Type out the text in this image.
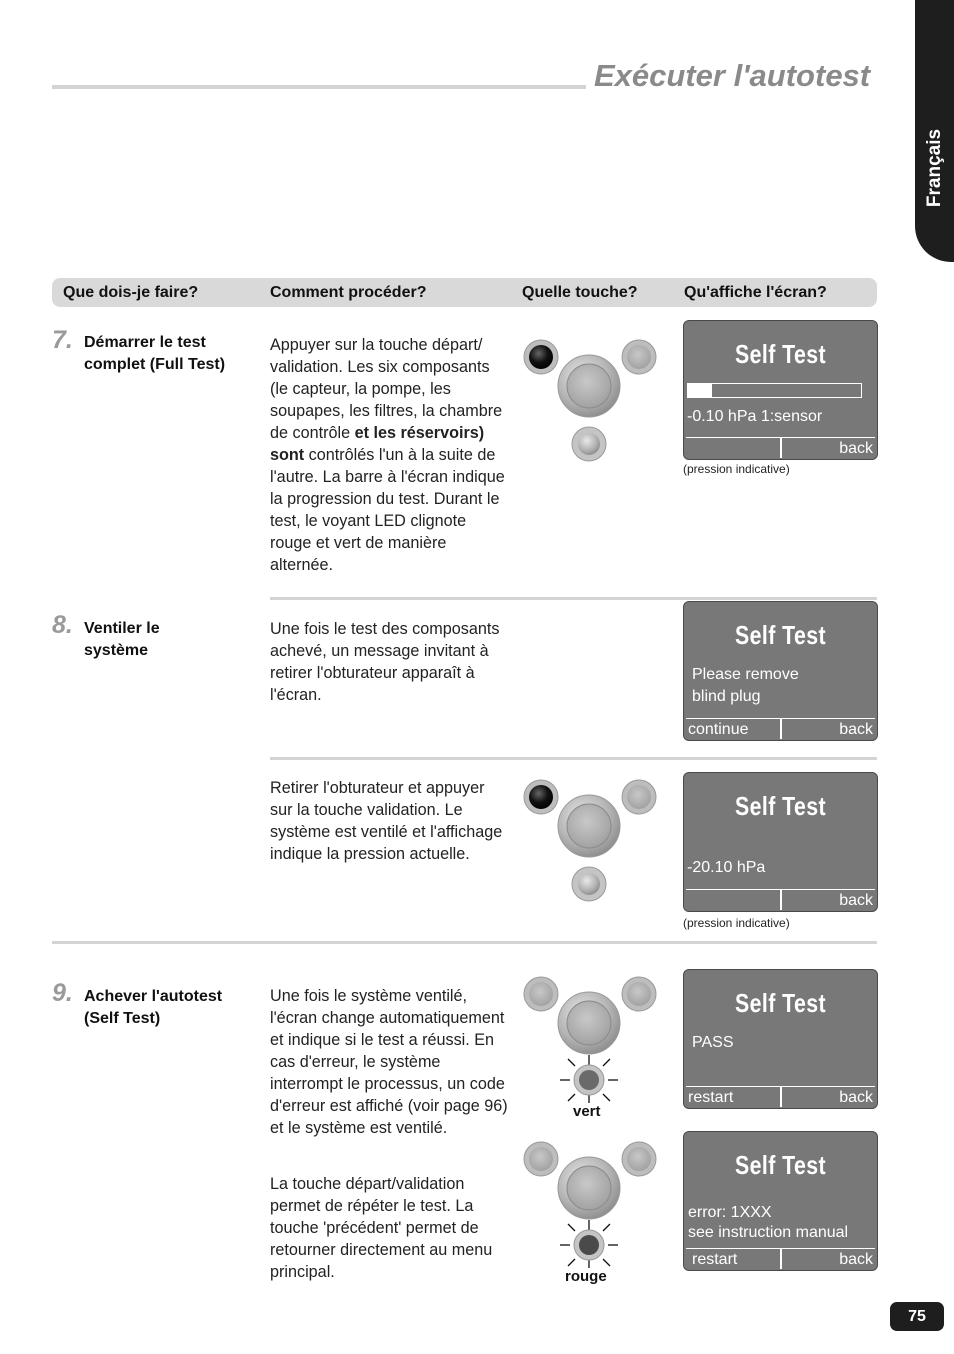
Exécuter l'autotest
Français
Que dois-je faire?	Comment procéder?	Quelle touche?	Qu'affiche l'écran?
7. Démarrer le test complet (Full Test)
Appuyer sur la touche départ/ validation. Les six composants (le capteur, la pompe, les soupapes, les filtres, la chambre de contrôle et les réservoirs) sont contrôlés l'un à la suite de l'autre. La barre à l'écran indique la progression du test. Durant le test, le voyant LED clignote rouge et vert de manière alternée.
Self Test
-0.10 hPa 1:sensor
back
(pression indicative)
8. Ventiler le système
Une fois le test des composants achevé, un message invitant à retirer l'obturateur apparaît à l'écran.
Self Test
Please remove
blind plug
continue	back
Retirer l'obturateur et appuyer sur la touche validation. Le système est ventilé et l'affichage indique la pression actuelle.
Self Test
-20.10 hPa
back
(pression indicative)
9. Achever l'autotest (Self Test)
Une fois le système ventilé, l'écran change automatiquement et indique si le test a réussi. En cas d'erreur, le système interrompt le processus, un code d'erreur est affiché (voir page 96) et le système est ventilé.
La touche départ/validation permet de répéter le test. La touche 'précédent' permet de retourner directement au menu principal.
vert
rouge
Self Test
PASS
restart	back
Self Test
error: 1XXX
see instruction manual
restart	back
75
